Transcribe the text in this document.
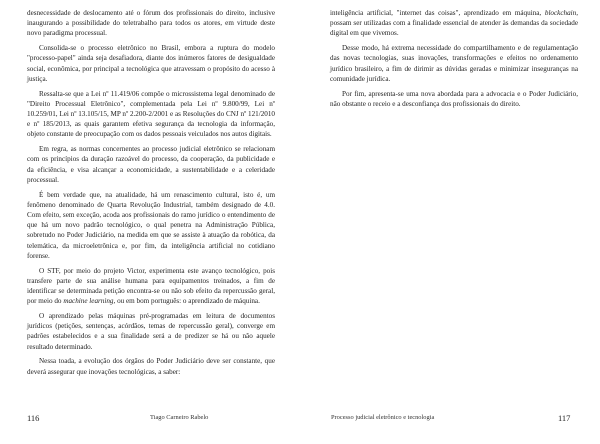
desnecessidade de deslocamento até o fórum dos profissionais do direito, inclusive inaugurando a possibilidade do teletrabalho para todos os atores, em virtude deste novo paradigma processual.

Consolida-se o processo eletrônico no Brasil, embora a ruptura do modelo "processo-papel" ainda seja desafiadora, diante dos inúmeros fatores de desigualdade social, econômica, por principal a tecnológica que atravessam o propósito do acesso à justiça.

Ressalta-se que a Lei nº 11.419/06 compõe o microssistema legal denominado de "Direito Processual Eletrônico", complementada pela Lei nº 9.800/99, Lei nº 10.259/01, Lei nº 13.105/15, MP nº 2.200-2/2001 e as Resoluções do CNJ nº 121/2010 e nº 185/2013, as quais garantem efetiva segurança da tecnologia da informação, objeto constante de preocupação com os dados pessoais veiculados nos autos digitais.

Em regra, as normas concernentes ao processo judicial eletrônico se relacionam com os princípios da duração razoável do processo, da cooperação, da publicidade e da eficiência, e visa alcançar a economicidade, a sustentabilidade e a celeridade processual.

É bem verdade que, na atualidade, há um renascimento cultural, isto é, um fenômeno denominado de Quarta Revolução Industrial, também designado de 4.0. Com efeito, sem exceção, acoda aos profissionais do ramo jurídico o entendimento de que há um novo padrão tecnológico, o qual penetra na Administração Pública, sobretudo no Poder Judiciário, na medida em que se assiste à atuação da robótica, da telemática, da microeletrônica e, por fim, da inteligência artificial no cotidiano forense.

O STF, por meio do projeto Victor, experimenta este avanço tecnológico, pois transfere parte de sua análise humana para equipamentos treinados, a fim de identificar se determinada petição encontra-se ou não sob efeito da repercussão geral, por meio do machine learning, ou em bom português: o aprendizado de máquina.

O aprendizado pelas máquinas pré-programadas em leitura de documentos jurídicos (petições, sentenças, acórdãos, temas de repercussão geral), converge em padrões estabelecidos e a sua finalidade será a de predizer se há ou não aquele resultado determinado.

Nessa toada, a evolução dos órgãos do Poder Judiciário deve ser constante, que deverá assegurar que inovações tecnológicas, a saber:

116	Tiago Carneiro Rabelo

inteligência artificial, "internet das coisas", aprendizado em máquina, blockchain, possam ser utilizadas com a finalidade essencial de atender às demandas da sociedade digital em que vivemos.

Desse modo, há extrema necessidade do compartilhamento e de regulamentação das novas tecnologias, suas inovações, transformações e efeitos no ordenamento jurídico brasileiro, a fim de dirimir as dúvidas geradas e minimizar inseguranças na comunidade jurídica.

Por fim, apresenta-se uma nova abordada para a advocacia e o Poder Judiciário, não obstante o receio e a desconfiança dos profissionais do direito.

Processo judicial eletrônico e tecnologia	117
